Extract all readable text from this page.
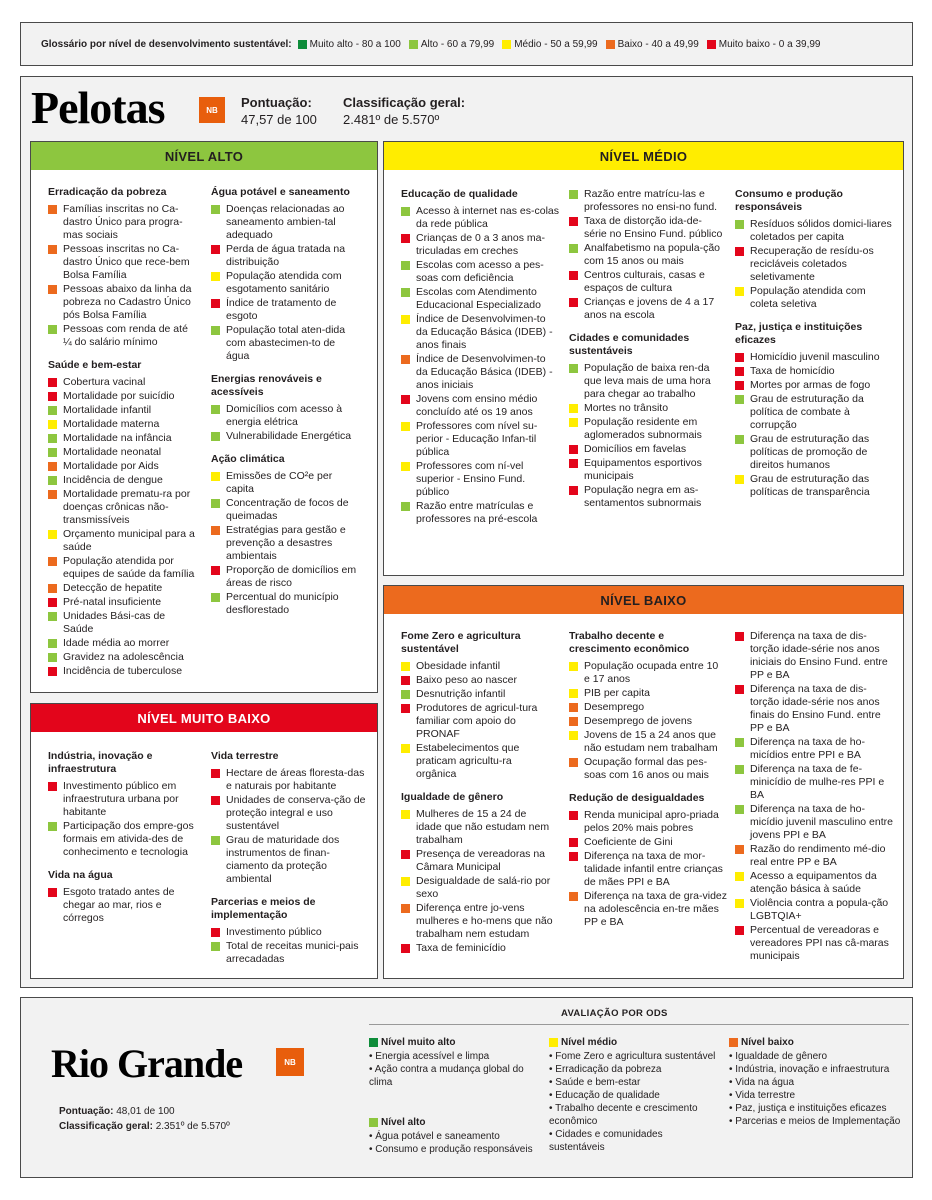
Glossário por nível de desenvolvimento sustentável: Muito alto - 80 a 100 Alto - 60 a 79,99 Médio - 50 a 59,99 Baixo - 40 a 49,99 Muito baixo - 0 a 39,99
Pelotas	NB	Pontuação:
47,57 de 100
Classificação geral:
2.481º de 5.570º
NÍVEL ALTO
Erradicação da pobreza
Famílias inscritas no Ca-dastro Único para progra-mas sociais
Pessoas inscritas no Ca-dastro Único que rece-bem Bolsa Família
Pessoas abaixo da linha da pobreza no Cadastro Único pós Bolsa Família
Pessoas com renda de até ¼ do salário mínimo
Saúde e bem-estar
Cobertura vacinal
Mortalidade por suicídio
Mortalidade infantil
Mortalidade materna
Mortalidade na infância
Mortalidade neonatal
Mortalidade por Aids
Incidência de dengue
Mortalidade prematu-ra por doenças crônicas não-transmissíveis
Orçamento municipal para a saúde
População atendida por equipes de saúde da família
Detecção de hepatite
Pré-natal insuficiente
Unidades Bási-cas de Saúde
Idade média ao morrer
Gravidez na adolescência
Incidência de tuberculose
Água potável e saneamento
Doenças relacionadas ao saneamento ambien-tal adequado
Perda de água tratada na distribuição
População atendida com esgotamento sanitário
Índice de tratamento de esgoto
População total aten-dida com abastecimen-to de água
Energias renováveis e acessíveis
Domicílios com acesso à energia elétrica
Vulnerabilidade Energética
Ação climática
Emissões de CO²e per capita
Concentração de focos de queimadas
Estratégias para gestão e prevenção a desastres ambientais
Proporção de domicílios em áreas de risco
Percentual do município desflorestado
NÍVEL MÉDIO
Educação de qualidade
Acesso à internet nas es-colas da rede pública
Crianças de 0 a 3 anos ma-triculadas em creches
Escolas com acesso a pes-soas com deficiência
Escolas com Atendimento Educacional Especializado
Índice de Desenvolvimen-to da Educação Básica (IDEB) - anos finais
Índice de Desenvolvimen-to da Educação Básica (IDEB) - anos iniciais
Jovens com ensino médio concluído até os 19 anos
Professores com nível su-perior - Educação Infan-til pública
Professores com ní-vel superior - Ensino Fund. público
Razão entre matrículas e professores na pré-escola
Razão entre matrícu-las e professores no ensi-no fund.
Taxa de distorção ida-de-série no Ensino Fund. público
Analfabetismo na popula-ção com 15 anos ou mais
Centros culturais, casas e espaços de cultura
Crianças e jovens de 4 a 17 anos na escola
Cidades e comunidades sustentáveis
População de baixa ren-da que leva mais de uma hora para chegar ao trabalho
Mortes no trânsito
População residente em aglomerados subnormais
Domicílios em favelas
Equipamentos esportivos municipais
População negra em as-sentamentos subnormais
Consumo e produção responsáveis
Resíduos sólidos domici-liares coletados per capita
Recuperação de resídu-os recicláveis coletados seletivamente
População atendida com coleta seletiva
Paz, justiça e instituições eficazes
Homicídio juvenil masculino
Taxa de homicídio
Mortes por armas de fogo
Grau de estruturação da política de combate à corrupção
Grau de estruturação das políticas de promoção de direitos humanos
Grau de estruturação das políticas de transparência
NÍVEL BAIXO
Fome Zero e agricultura sustentável
Obesidade infantil
Baixo peso ao nascer
Desnutrição infantil
Produtores de agricul-tura familiar com apoio do PRONAF
Estabelecimentos que praticam agricultu-ra orgânica
Igualdade de gênero
Mulheres de 15 a 24 de idade que não estudam nem trabalham
Presença de vereadoras na Câmara Municipal
Desigualdade de salá-rio por sexo
Diferença entre jo-vens mulheres e ho-mens que não trabalham nem estudam
Taxa de feminicídio
Trabalho decente e crescimento econômico
População ocupada entre 10 e 17 anos
PIB per capita
Desemprego
Desemprego de jovens
Jovens de 15 a 24 anos que não estudam nem trabalham
Ocupação formal das pes-soas com 16 anos ou mais
Redução de desigualdades
Renda municipal apro-priada pelos 20% mais pobres
Coeficiente de Gini
Diferença na taxa de mor-talidade infantil entre crianças de mães PPI e BA
Diferença na taxa de gra-videz na adolescência en-tre mães PP e BA
Diferença na taxa de dis-torção idade-série nos anos iniciais do Ensino Fund. entre PP e BA
Diferença na taxa de dis-torção idade-série nos anos finais do Ensino Fund. entre PP e BA
Diferença na taxa de ho-micídios entre PPI e BA
Diferença na taxa de fe-minicídio de mulhe-res PPI e BA
Diferença na taxa de ho-micídio juvenil masculino entre jovens PPI e BA
Razão do rendimento mé-dio real entre PP e BA
Acesso a equipamentos da atenção básica à saúde
Violência contra a popula-ção LGBTQIA+
Percentual de vereadoras e vereadores PPI nas câ-maras municipais
NÍVEL MUITO BAIXO
Indústria, inovação e infraestrutura
Investimento público em infraestrutura urbana por habitante
Participação dos empre-gos formais em ativida-des de conhecimento e tecnologia
Vida na água
Esgoto tratado antes de chegar ao mar, rios e córregos
Vida terrestre
Hectare de áreas floresta-das e naturais por habitante
Unidades de conserva-ção de proteção integral e uso sustentável
Grau de maturidade dos instrumentos de finan-ciamento da proteção ambiental
Parcerias e meios de implementação
Investimento público
Total de receitas munici-pais arrecadadas
Rio Grande	NB
Pontuação: 48,01 de 100
Classificação geral: 2.351º de 5.570º
AVALIAÇÃO POR ODS
Nível muito alto
• Energia acessível e limpa
• Ação contra a mudança global do clima
Nível alto
• Água potável e saneamento
• Consumo e produção responsáveis
Nível médio
• Fome Zero e agricultura sustentável
• Erradicação da pobreza
• Saúde e bem-estar
• Educação de qualidade
• Trabalho decente e crescimento econômico
• Cidades e comunidades sustentáveis
Nível baixo
• Igualdade de gênero
• Indústria, inovação e infraestrutura
• Vida na água
• Vida terrestre
• Paz, justiça e instituições eficazes
• Parcerias e meios de Implementação
